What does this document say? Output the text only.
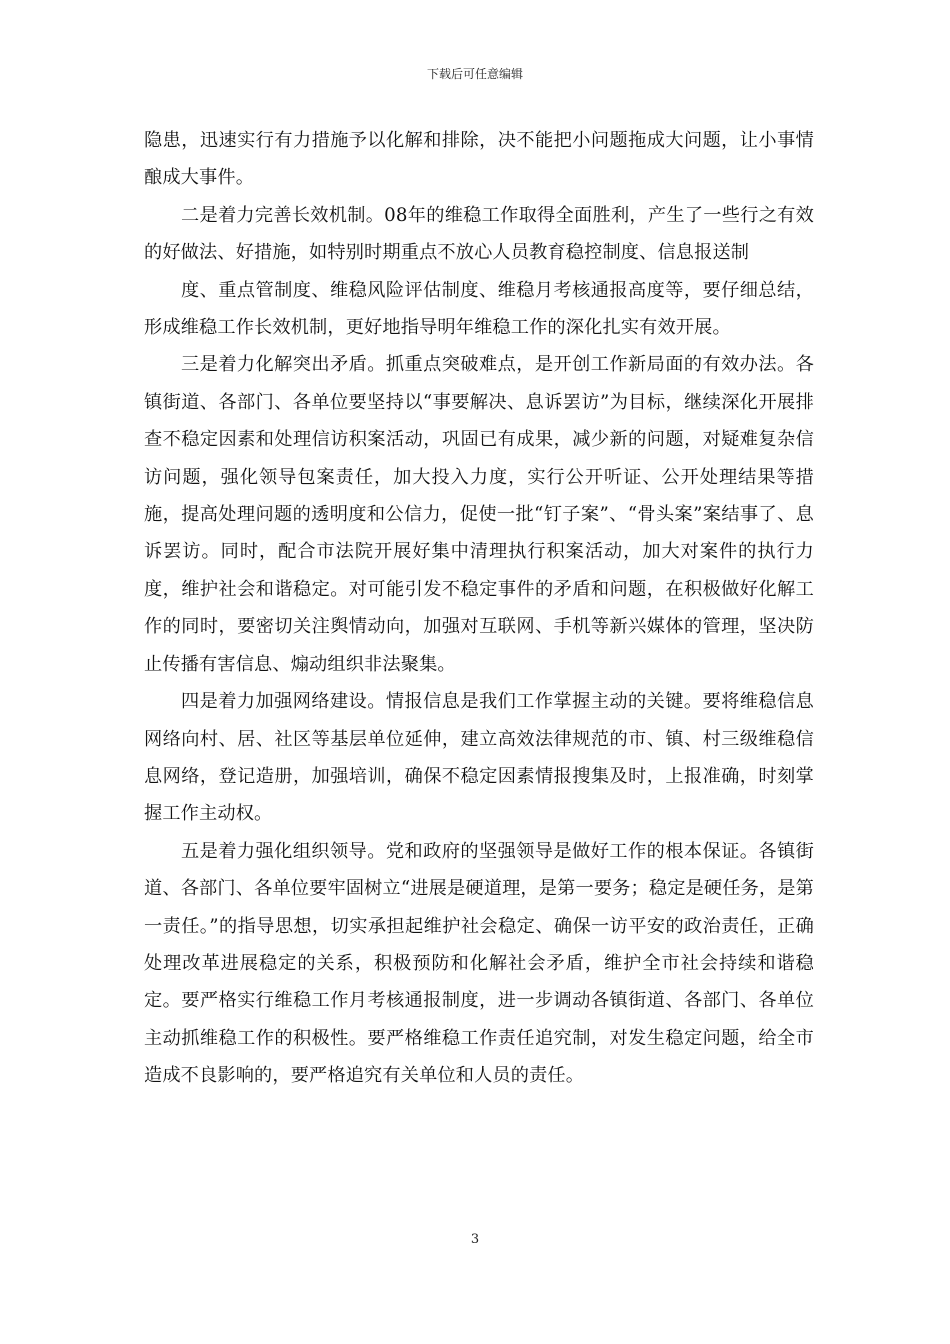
下载后可任意编辑

隐患，迅速实行有力措施予以化解和排除，决不能把小问题拖成大问题，让小事情酿成大事件。

二是着力完善长效机制。08年的维稳工作取得全面胜利，产生了一些行之有效的好做法、好措施，如特别时期重点不放心人员教育稳控制度、信息报送制

度、重点管制度、维稳风险评估制度、维稳月考核通报高度等，要仔细总结，形成维稳工作长效机制，更好地指导明年维稳工作的深化扎实有效开展。

三是着力化解突出矛盾。抓重点突破难点，是开创工作新局面的有效办法。各镇街道、各部门、各单位要坚持以“事要解决、息诉罢访”为目标，继续深化开展排查不稳定因素和处理信访积案活动，巩固已有成果，减少新的问题，对疑难复杂信访问题，强化领导包案责任，加大投入力度，实行公开听证、公开处理结果等措施，提高处理问题的透明度和公信力，促使一批“钉子案”、“骨头案”案结事了、息诉罢访。同时，配合市法院开展好集中清理执行积案活动，加大对案件的执行力度，维护社会和谐稳定。对可能引发不稳定事件的矛盾和问题，在积极做好化解工作的同时，要密切关注舆情动向，加强对互联网、手机等新兴媒体的管理，坚决防止传播有害信息、煽动组织非法聚集。

四是着力加强网络建设。情报信息是我们工作掌握主动的关键。要将维稳信息网络向村、居、社区等基层单位延伸，建立高效法律规范的市、镇、村三级维稳信息网络，登记造册，加强培训，确保不稳定因素情报搜集及时，上报准确，时刻掌握工作主动权。

五是着力强化组织领导。党和政府的坚强领导是做好工作的根本保证。各镇街道、各部门、各单位要牢固树立“进展是硬道理，是第一要务；稳定是硬任务，是第一责任。”的指导思想，切实承担起维护社会稳定、确保一访平安的政治责任，正确处理改革进展稳定的关系，积极预防和化解社会矛盾，维护全市社会持续和谐稳定。要严格实行维稳工作月考核通报制度，进一步调动各镇街道、各部门、各单位主动抓维稳工作的积极性。要严格维稳工作责任追究制，对发生稳定问题，给全市造成不良影响的，要严格追究有关单位和人员的责任。

3
